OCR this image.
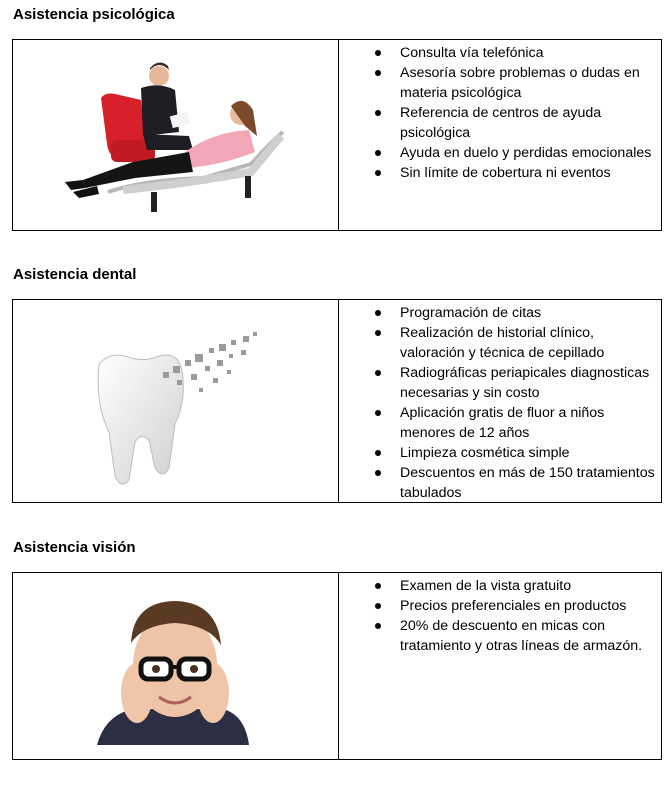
Asistencia psicológica
Consulta vía telefónica
Asesoría sobre problemas o dudas en materia psicológica
Referencia de centros de ayuda psicológica
Ayuda en duelo y perdidas emocionales
Sin límite de cobertura ni eventos
Asistencia dental
Programación de citas
Realización de historial clínico, valoración y técnica de cepillado
Radiográficas periapicales diagnosticas necesarias y sin costo
Aplicación gratis de fluor a niños menores de 12 años
Limpieza cosmética simple
Descuentos en más de 150 tratamientos tabulados
Asistencia visión
Examen de la vista gratuito
Precios preferenciales en productos
20% de descuento en micas con tratamiento y otras líneas de armazón.
